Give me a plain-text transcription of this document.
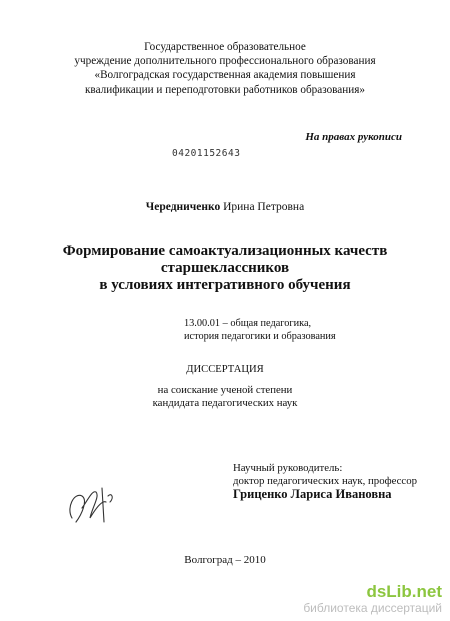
Государственное образовательное
учреждение дополнительного профессионального образования
«Волгоградская государственная академия повышения
квалификации и переподготовки работников образования»
На правах рукописи
04201152643
Чередниченко Ирина Петровна
Формирование самоактуализационных качеств
старшеклассников
в условиях интегративного обучения
13.00.01 – общая педагогика,
история педагогики и образования
ДИССЕРТАЦИЯ
на соискание ученой степени
кандидата педагогических наук
Научный руководитель:
доктор педагогических наук, профессор
Гриценко Лариса Ивановна
Волгоград – 2010
dsLib.net
библиотека диссертаций
